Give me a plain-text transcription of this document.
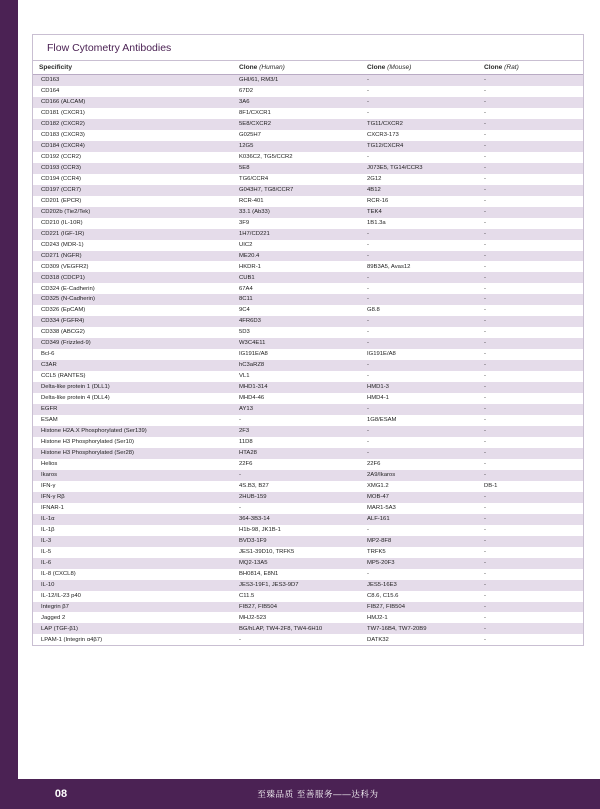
Flow Cytometry Antibodies
Specificity	Clone (Human)	Clone (Mouse)	Clone (Rat)
CD163	GHI/61, RM3/1	-	-
CD164	67D2	-	-
CD166 (ALCAM)	3A6	-	-
CD181 (CXCR1)	8F1/CXCR1	-	-
CD182 (CXCR2)	5E8/CXCR2	TG11/CXCR2	-
CD183 (CXCR3)	G025H7	CXCR3-173	-
CD184 (CXCR4)	12G5	TG12/CXCR4	-
CD192 (CCR2)	K036C2, TG5/CCR2	-	-
CD193 (CCR3)	5E8	J073E5, TG14/CCR3	-
CD194 (CCR4)	TG6/CCR4	2G12	-
CD197 (CCR7)	G043H7, TG8/CCR7	4B12	-
CD201 (EPCR)	RCR-401	RCR-16	-
CD202b (Tie2/Tek)	33.1 (Ab33)	TEK4	-
CD210 (IL-10R)	3F9	1B1.3a	-
CD221 (IGF-1R)	1H7/CD221	-	-
CD243 (MDR-1)	UIC2	-	-
CD271 (NGFR)	ME20.4	-	-
CD309 (VEGFR2)	HKDR-1	89B3A5, Avas12	-
CD318 (CDCP1)	CUB1	-	-
CD324 (E-Cadherin)	67A4	-	-
CD325 (N-Cadherin)	8C11	-	-
CD326 (EpCAM)	9C4	G8.8	-
CD334 (FGFR4)	4FR6D3	-	-
CD338 (ABCG2)	5D3	-	-
CD349 (Frizzled-9)	W3C4E11	-	-
Bcl-6	IG191E/A8	IG191E/A8	-
C3AR	hC3aRZ8	-	-
CCL5 (RANTES)	VL1	-	-
Delta-like protein 1 (DLL1)	MHD1-314	HMD1-3	-
Delta-like protein 4 (DLL4)	MHD4-46	HMD4-1	-
EGFR	AY13	-	-
ESAM	-	1G8/ESAM	-
Histone H2A.X Phosphorylated (Ser139)	2F3	-	-
Histone H3 Phosphorylated (Ser10)	11D8	-	-
Histone H3 Phosphorylated (Ser28)	HTA28	-	-
Helios	22F6	22F6	-
Ikaros	-	2A9/Ikaros	-
IFN-γ	4S.B3, B27	XMG1.2	DB-1
IFN-γ Rβ	2HUB-159	MOB-47	-
IFNAR-1	-	MAR1-5A3	-
IL-1α	364-3B3-14	ALF-161	-
IL-1β	H1b-98, JK1B-1	-	-
IL-3	BVD3-1F9	MP2-8F8	-
IL-5	JES1-39D10, TRFK5	TRFK5	-
IL-6	MQ2-13A5	MP5-20F3	-
IL-8 (CXCL8)	BH0814, E8N1	-	-
IL-10	JES3-19F1, JES3-9D7	JES5-16E3	-
IL-12/IL-23 p40	C11.5	C8.6, C15.6	-
Integrin β7	FIB27, FIB504	FIB27, FIB504	-
Jagged 2	MHJ2-523	HMJ2-1	-
LAP (TGF-β1)	BG/hLAP, TW4-2F8, TW4-6H10	TW7-16B4, TW7-20B9	-
LPAM-1 (Integrin α4β7)	-	DATK32	-
至臻品质 至善服务——达科为
08
